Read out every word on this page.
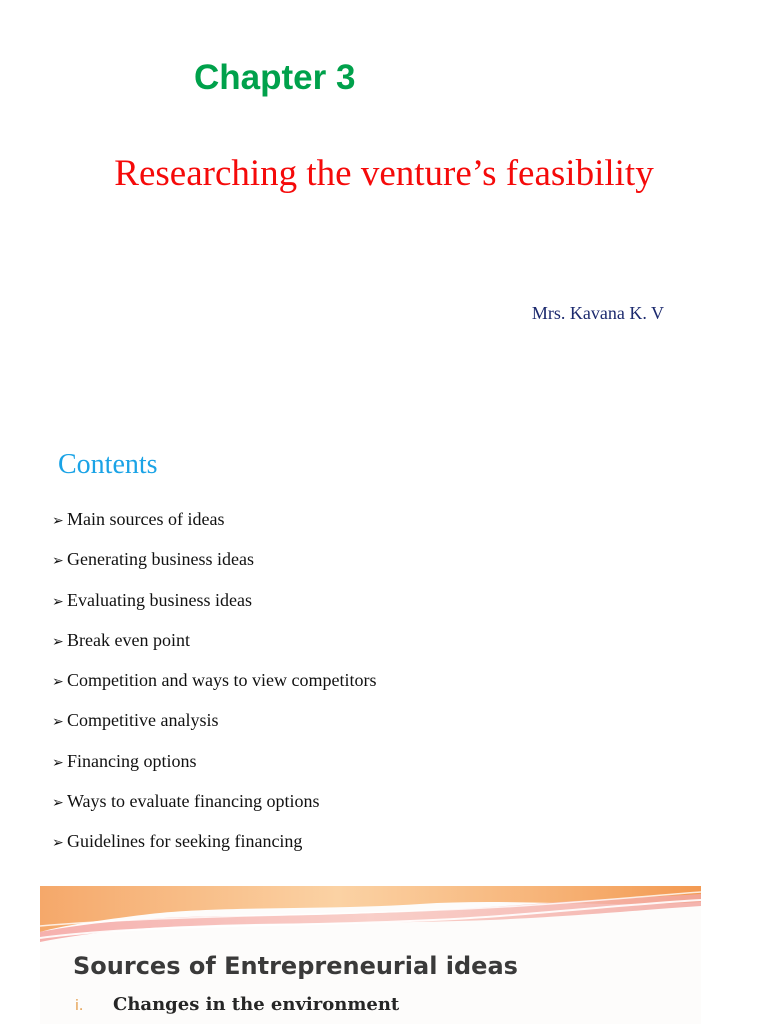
Chapter 3
Researching the venture’s feasibility
Mrs. Kavana K. V
Contents
➢ Main sources of ideas
➢ Generating business ideas
➢ Evaluating business ideas
➢ Break even point
➢ Competition and ways to view competitors
➢ Competitive analysis
➢ Financing options
➢ Ways to evaluate financing options
➢ Guidelines for seeking financing
Sources of Entrepreneurial ideas
i. Changes in the environment
